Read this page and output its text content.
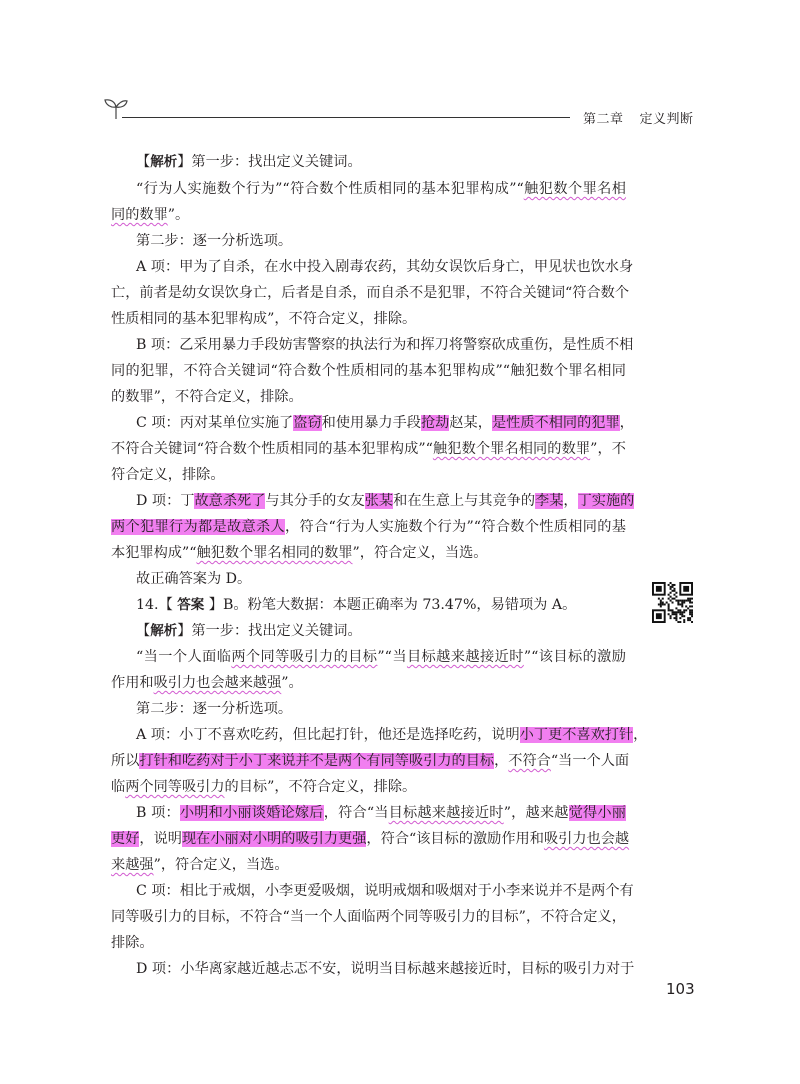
第二章 定义判断
【解析】第一步：找出定义关键词。
“行为人实施数个行为”“符合数个性质相同的基本犯罪构成”“触犯数个罪名相
同的数罪”。
第二步：逐一分析选项。
A 项：甲为了自杀，在水中投入剧毒农药，其幼女误饮后身亡，甲见状也饮水身
亡，前者是幼女误饮身亡，后者是自杀，而自杀不是犯罪，不符合关键词“符合数个
性质相同的基本犯罪构成”，不符合定义，排除。
B 项：乙采用暴力手段妨害警察的执法行为和挥刀将警察砍成重伤，是性质不相
同的犯罪，不符合关键词“符合数个性质相同的基本犯罪构成”“触犯数个罪名相同
的数罪”，不符合定义，排除。
C 项：丙对某单位实施了盗窃和使用暴力手段抢劫赵某，是性质不相同的犯罪，
不符合关键词“符合数个性质相同的基本犯罪构成”“触犯数个罪名相同的数罪”，不
符合定义，排除。
D 项：丁故意杀死了与其分手的女友张某和在生意上与其竞争的李某，丁实施的
两个犯罪行为都是故意杀人，符合“行为人实施数个行为”“符合数个性质相同的基
本犯罪构成”“触犯数个罪名相同的数罪”，符合定义，当选。
故正确答案为 D。
14.【 答案 】B。粉笔大数据：本题正确率为 73.47%，易错项为 A。
【解析】第一步：找出定义关键词。
“当一个人面临两个同等吸引力的目标”“当目标越来越接近时”“该目标的激励
作用和吸引力也会越来越强”。
第二步：逐一分析选项。
A 项：小丁不喜欢吃药，但比起打针，他还是选择吃药，说明小丁更不喜欢打针，
所以打针和吃药对于小丁来说并不是两个有同等吸引力的目标，不符合“当一个人面
临两个同等吸引力的目标”，不符合定义，排除。
B 项：小明和小丽谈婚论嫁后，符合“当目标越来越接近时”，越来越觉得小丽
更好，说明现在小丽对小明的吸引力更强，符合“该目标的激励作用和吸引力也会越
来越强”，符合定义，当选。
C 项：相比于戒烟，小李更爱吸烟，说明戒烟和吸烟对于小李来说并不是两个有
同等吸引力的目标，不符合“当一个人面临两个同等吸引力的目标”，不符合定义，
排除。
D 项：小华离家越近越忐忑不安，说明当目标越来越接近时，目标的吸引力对于
103
